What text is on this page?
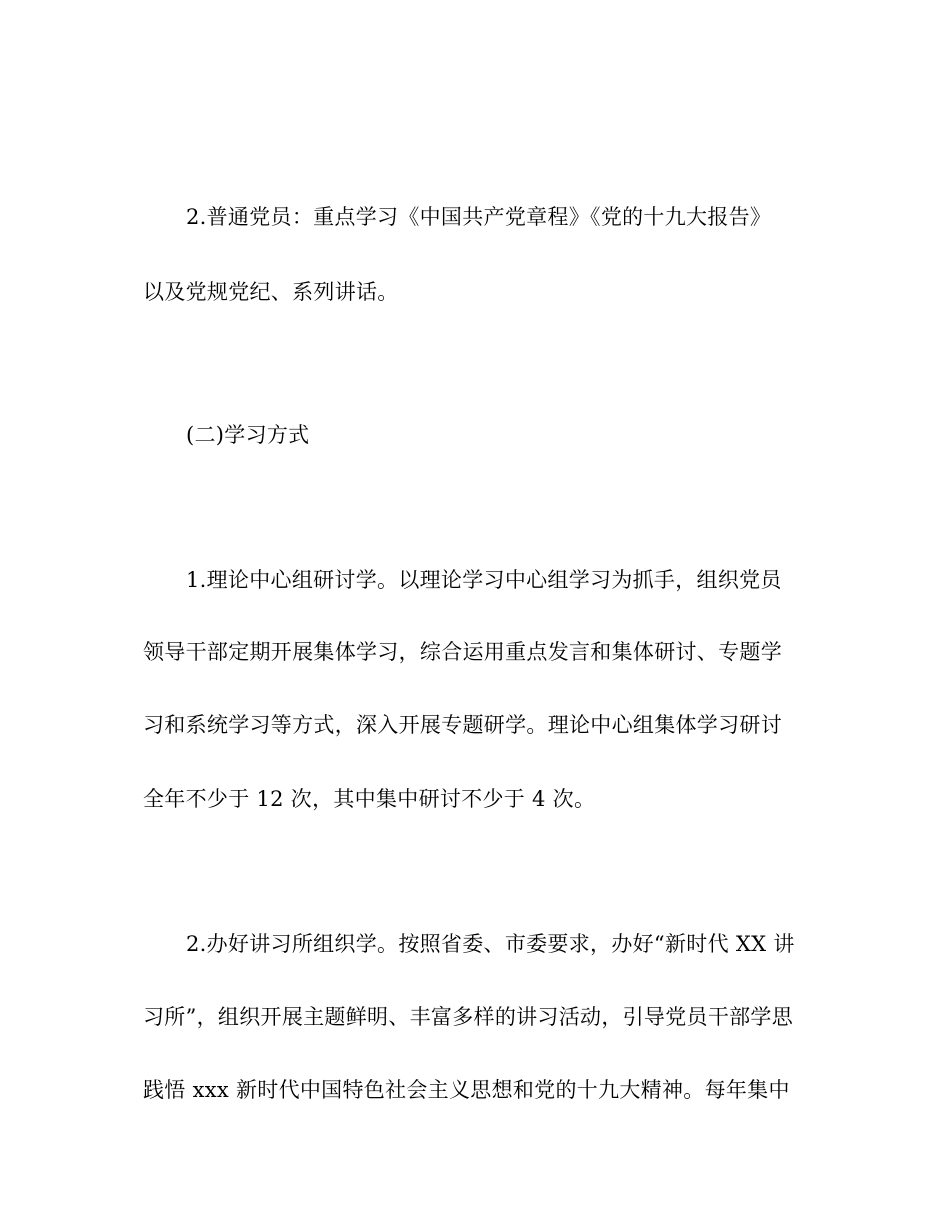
2.普通党员：重点学习《中国共产党章程》《党的十九大报告》
以及党规党纪、系列讲话。
(二)学习方式
1.理论中心组研讨学。以理论学习中心组学习为抓手，组织党员
领导干部定期开展集体学习，综合运用重点发言和集体研讨、专题学
习和系统学习等方式，深入开展专题研学。理论中心组集体学习研讨
全年不少于 12 次，其中集中研讨不少于 4 次。
2.办好讲习所组织学。按照省委、市委要求，办好“新时代 XX 讲
习所”，组织开展主题鲜明、丰富多样的讲习活动，引导党员干部学思
践悟 xxx 新时代中国特色社会主义思想和党的十九大精神。每年集中
